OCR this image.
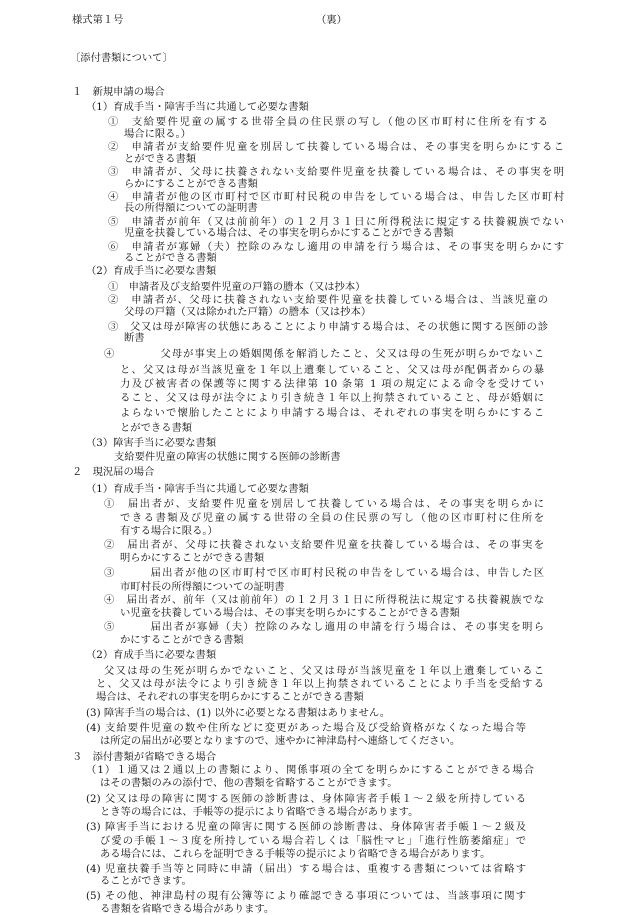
様式第１号	（裏）
〔添付書類について〕
１　新規申請の場合
（1）育成手当・障害手当に共通して必要な書類
①　支給要件児童の属する世帯全員の住民票の写し（他の区市町村に住所を有する
場合に限る。）
②　申請者が支給要件児童を別居して扶養している場合は、その事実を明らかにするこ
とができる書類
③　申請者が、父母に扶養されない支給要件児童を扶養している場合は、その事実を明
らかにすることができる書類
④　申請者が他の区市町村で区市町村民税の申告をしている場合は、申告した区市町村
長の所得額についての証明書
⑤　申請者が前年（又は前前年）の１２月３１日に所得税法に規定する扶養親族でない
児童を扶養している場合は、その事実を明らかにすることができる書類
⑥　申請者が寡婦（夫）控除のみなし適用の申請を行う場合は、その事実を明らかにす
ることができる書類
（2）育成手当に必要な書類
①　申請者及び支給要件児童の戸籍の謄本（又は抄本）
②　申請者が、父母に扶養されない支給要件児童を扶養している場合は、当該児童の
父母の戸籍（又は除かれた戸籍）の謄本（又は抄本）
③　父又は母が障害の状態にあることにより申請する場合は、その状態に関する医師の診
断書
④　　　　父母が事実上の婚姻関係を解消したこと、父又は母の生死が明らかでないこ
と、父又は母が当該児童を１年以上遺棄していること、父又は母が配偶者からの暴
力及び被害者の保護等に関する法律第 10 条第 1 項の規定による命令を受けてい
ること、父又は母が法令により引き続き１年以上拘禁されていること、母が婚姻に
よらないで懐胎したことにより申請する場合は、それぞれの事実を明らかにするこ
とができる書類
（3）障害手当に必要な書類
支給要件児童の障害の状態に関する医師の診断書
２　現況届の場合
（1）育成手当・障害手当に共通して必要な書類
①　届出者が、支給要件児童を別居して扶養している場合は、その事実を明らかに
できる書類及び児童の属する世帯の全員の住民票の写し（他の区市町村に住所を
有する場合に限る。）
②　届出者が、父母に扶養されない支給要件児童を扶養している場合は、その事実を
明らかにすることができる書類
③　　　届出者が他の区市町村で区市町村民税の申告をしている場合は、申告した区
市町村長の所得額についての証明書
④　届出者が、前年（又は前前年）の１２月３１日に所得税法に規定する扶養親族でな
い児童を扶養している場合は、その事実を明らかにすることができる書類
⑤　　　届出者が寡婦（夫）控除のみなし適用の申請を行う場合は、その事実を明ら
かにすることができる書類
（2）育成手当に必要な書類
父又は母の生死が明らかでないこと、父又は母が当該児童を１年以上遺棄しているこ
と、父又は母が法令により引き続き１年以上拘禁されていることにより手当を受給する
場合は、それぞれの事実を明らかにすることができる書類
(3) 障害手当の場合は、(1) 以外に必要となる書類はありません。
(4) 支給要件児童の数や住所などに変更があった場合及び受給資格がなくなった場合等
は所定の届出が必要となりますので、速やかに神津島村へ連絡してください。
３　添付書類が省略できる場合
（1）１通又は２通以上の書類により、関係事項の全てを明らかにすることができる場合
はその書類のみの添付で、他の書類を省略することができます。
(2) 父又は母の障害に関する医師の診断書は、身体障害者手帳１～２級を所持している
とき等の場合には、手帳等の提示により省略できる場合があります。
(3) 障害手当における児童の障害に関する医師の診断書は、身体障害者手帳１～２級及
び愛の手帳１～３度を所持している場合若しくは「脳性マヒ」「進行性筋萎縮症」で
ある場合には、これらを証明できる手帳等の提示により省略できる場合があります。
(4) 児童扶養手当等と同時に申請（届出）する場合は、重複する書類については省略す
ることができます。
(5) その他、神津島村の現有公簿等により確認できる事項については、当該事項に関す
る書類を省略できる場合があります。
